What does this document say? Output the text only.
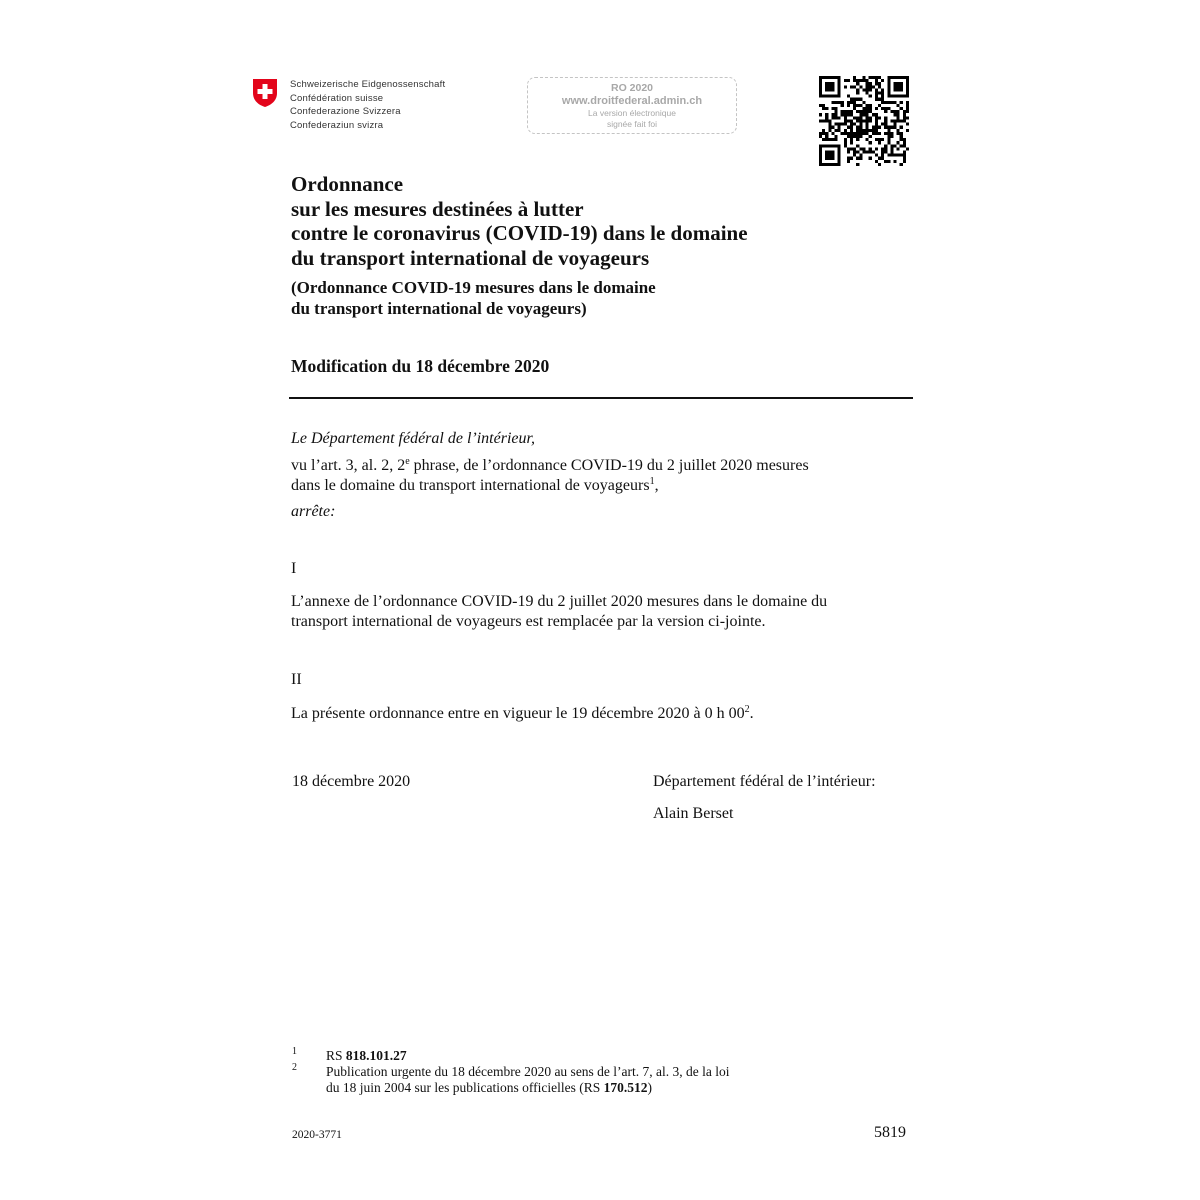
Schweizerische Eidgenossenschaft
Confédération suisse
Confederazione Svizzera
Confederaziun svizra
RO 2020
www.droitfederal.admin.ch
La version électronique
signée fait foi
Ordonnance
sur les mesures destinées à lutter
contre le coronavirus (COVID-19) dans le domaine
du transport international de voyageurs
(Ordonnance COVID-19 mesures dans le domaine
du transport international de voyageurs)
Modification du 18 décembre 2020
Le Département fédéral de l’intérieur,
vu l’art. 3, al. 2, 2e phrase, de l’ordonnance COVID-19 du 2 juillet 2020 mesures
dans le domaine du transport international de voyageurs$^1$,
arrête:
I
L’annexe de l’ordonnance COVID-19 du 2 juillet 2020 mesures dans le domaine du
transport international de voyageurs est remplacée par la version ci-jointe.
II
La présente ordonnance entre en vigueur le 19 décembre 2020 à 0 h $00^2$.
18 décembre 2020	Département fédéral de l’intérieur:
Alain Berset
1 RS 818.101.27
2 Publication urgente du 18 décembre 2020 au sens de l’art. 7, al. 3, de la loi
du 18 juin 2004 sur les publications officielles (RS 170.512)
2020-3771	5819
